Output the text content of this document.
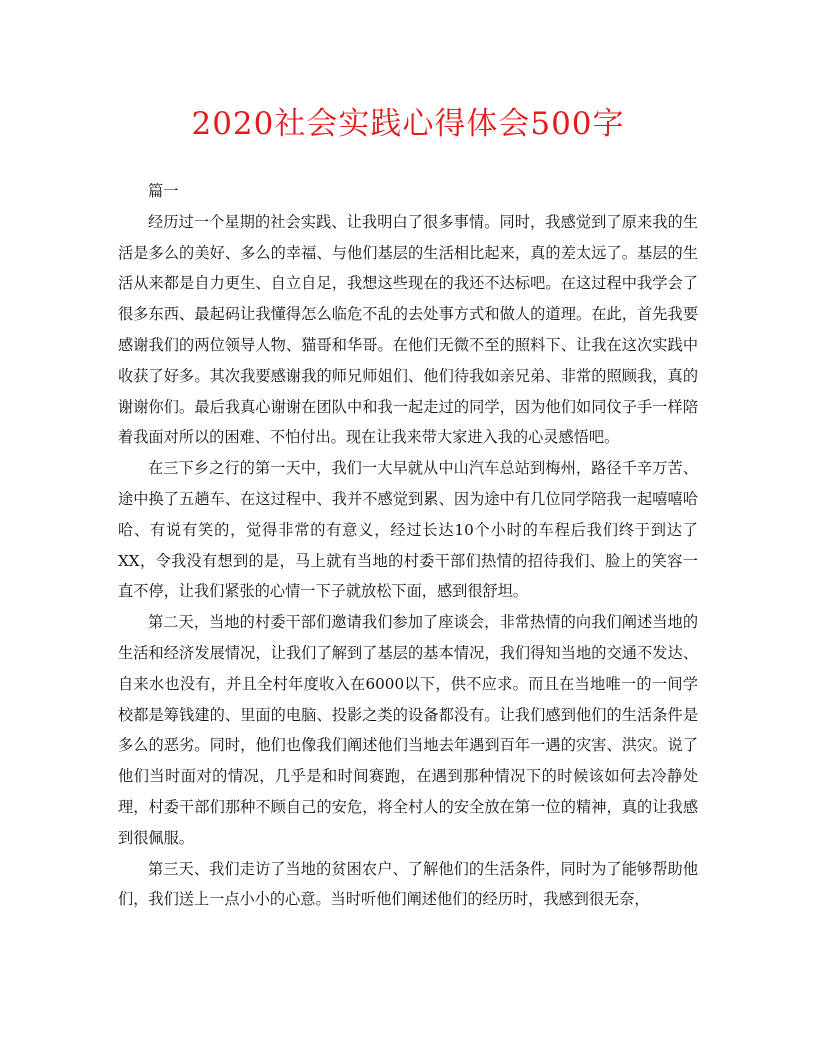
2020社会实践心得体会500字

篇一

经历过一个星期的社会实践、让我明白了很多事情。同时，我感觉到了原来我的生活是多么的美好、多么的幸福、与他们基层的生活相比起来，真的差太远了。基层的生活从来都是自力更生、自立自足，我想这些现在的我还不达标吧。在这过程中我学会了很多东西、最起码让我懂得怎么临危不乱的去处事方式和做人的道理。在此，首先我要感谢我们的两位领导人物、猫哥和华哥。在他们无微不至的照料下、让我在这次实践中收获了好多。其次我要感谢我的师兄师姐们、他们待我如亲兄弟、非常的照顾我，真的谢谢你们。最后我真心谢谢在团队中和我一起走过的同学，因为他们如同伩子手一样陪着我面对所以的困难、不怕付出。现在让我来带大家进入我的心灵感悟吧。

在三下乡之行的第一天中，我们一大早就从中山汽车总站到梅州，路径千辛万苦、途中换了五趟车、在这过程中、我并不感觉到累、因为途中有几位同学陪我一起嘻嘻哈哈、有说有笑的，觉得非常的有意义，经过长达10个小时的车程后我们终于到达了XX，令我没有想到的是，马上就有当地的村委干部们热情的招待我们、脸上的笑容一直不停，让我们紧张的心情一下子就放松下面，感到很舒坦。

第二天，当地的村委干部们邀请我们参加了座谈会，非常热情的向我们阐述当地的生活和经济发展情况，让我们了解到了基层的基本情况，我们得知当地的交通不发达、自来水也没有，并且全村年度收入在6000以下，供不应求。而且在当地唯一的一间学校都是筹钱建的、里面的电脑、投影之类的设备都没有。让我们感到他们的生活条件是多么的恶劣。同时，他们也像我们阐述他们当地去年遇到百年一遇的灾害、洪灾。说了他们当时面对的情况，几乎是和时间赛跑，在遇到那种情况下的时候该如何去冷静处理，村委干部们那种不顾自己的安危，将全村人的安全放在第一位的精神，真的让我感到很佩服。

第三天、我们走访了当地的贫困农户、了解他们的生活条件，同时为了能够帮助他们，我们送上一点小小的心意。当时听他们阐述他们的经历时，我感到很无奈，
